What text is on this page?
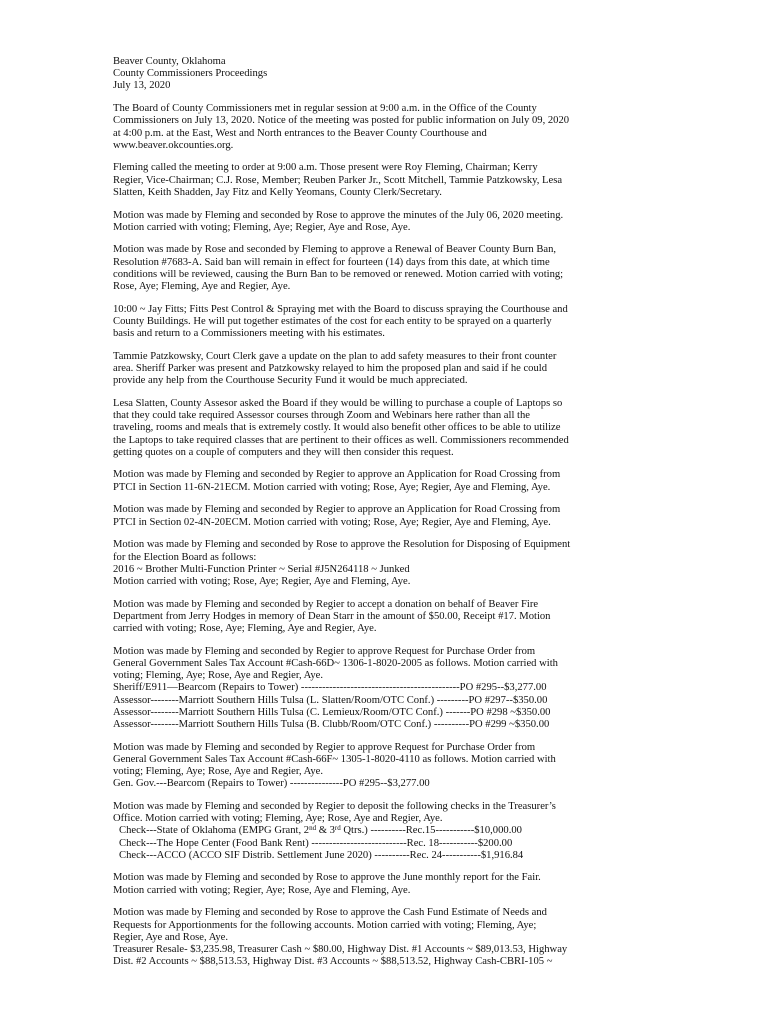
Beaver County, Oklahoma
County Commissioners Proceedings
July 13, 2020
The Board of County Commissioners met in regular session at 9:00 a.m. in the Office of the County
Commissioners on July 13, 2020. Notice of the meeting was posted for public information on July 09, 2020
at 4:00 p.m. at the East, West and North entrances to the Beaver County Courthouse and
www.beaver.okcounties.org.
Fleming called the meeting to order at 9:00 a.m. Those present were Roy Fleming, Chairman; Kerry
Regier, Vice-Chairman; C.J. Rose, Member; Reuben Parker Jr., Scott Mitchell, Tammie Patzkowsky, Lesa
Slatten, Keith Shadden, Jay Fitz and Kelly Yeomans, County Clerk/Secretary.
Motion was made by Fleming and seconded by Rose to approve the minutes of the July 06, 2020 meeting.
Motion carried with voting; Fleming, Aye; Regier, Aye and Rose, Aye.
Motion was made by Rose and seconded by Fleming to approve a Renewal of Beaver County Burn Ban,
Resolution #7683-A. Said ban will remain in effect for fourteen (14) days from this date, at which time
conditions will be reviewed, causing the Burn Ban to be removed or renewed. Motion carried with voting;
Rose, Aye; Fleming, Aye and Regier, Aye.
10:00 ~ Jay Fitts; Fitts Pest Control & Spraying met with the Board to discuss spraying the Courthouse and
County Buildings. He will put together estimates of the cost for each entity to be sprayed on a quarterly
basis and return to a Commissioners meeting with his estimates.
Tammie Patzkowsky, Court Clerk gave a update on the plan to add safety measures to their front counter
area. Sheriff Parker was present and Patzkowsky relayed to him the proposed plan and said if he could
provide any help from the Courthouse Security Fund it would be much appreciated.
Lesa Slatten, County Assesor asked the Board if they would be willing to purchase a couple of Laptops so
that they could take required Assessor courses through Zoom and Webinars here rather than all the
traveling, rooms and meals that is extremely costly. It would also benefit other offices to be able to utilize
the Laptops to take required classes that are pertinent to their offices as well. Commissioners recommended
getting quotes on a couple of computers and they will then consider this request.
Motion was made by Fleming and seconded by Regier to approve an Application for Road Crossing from
PTCI in Section 11-6N-21ECM. Motion carried with voting; Rose, Aye; Regier, Aye and Fleming, Aye.
Motion was made by Fleming and seconded by Regier to approve an Application for Road Crossing from
PTCI in Section 02-4N-20ECM. Motion carried with voting; Rose, Aye; Regier, Aye and Fleming, Aye.
Motion was made by Fleming and seconded by Rose to approve the Resolution for Disposing of Equipment
for the Election Board as follows:
2016 ~ Brother Multi-Function Printer ~ Serial #J5N264118 ~ Junked
Motion carried with voting; Rose, Aye; Regier, Aye and Fleming, Aye.
Motion was made by Fleming and seconded by Regier to accept a donation on behalf of Beaver Fire
Department from Jerry Hodges in memory of Dean Starr in the amount of $50.00, Receipt #17. Motion
carried with voting; Rose, Aye; Fleming, Aye and Regier, Aye.
Motion was made by Fleming and seconded by Regier to approve Request for Purchase Order from
General Government Sales Tax Account #Cash-66D~ 1306-1-8020-2005 as follows. Motion carried with
voting; Fleming, Aye; Rose, Aye and Regier, Aye.
Sheriff/E911—Bearcom (Repairs to Tower) ---------------------------------------------PO #295--$3,277.00
Assessor--------Marriott Southern Hills Tulsa (L. Slatten/Room/OTC Conf.) ---------PO #297--$350.00
Assessor--------Marriott Southern Hills Tulsa (C. Lemieux/Room/OTC Conf.) -------PO #298 ~$350.00
Assessor--------Marriott Southern Hills Tulsa (B. Clubb/Room/OTC Conf.) ----------PO #299 ~$350.00
Motion was made by Fleming and seconded by Regier to approve Request for Purchase Order from
General Government Sales Tax Account #Cash-66F~ 1305-1-8020-4110 as follows. Motion carried with
voting; Fleming, Aye; Rose, Aye and Regier, Aye.
Gen. Gov.---Bearcom (Repairs to Tower) ---------------PO #295--$3,277.00
Motion was made by Fleming and seconded by Regier to deposit the following checks in the Treasurer’s
Office. Motion carried with voting; Fleming, Aye; Rose, Aye and Regier, Aye.
Check---State of Oklahoma (EMPG Grant, 2nd & 3rd Qtrs.) ----------Rec.15-----------$10,000.00
Check---The Hope Center (Food Bank Rent) ---------------------------Rec. 18-----------$200.00
Check---ACCO (ACCO SIF Distrib. Settlement June 2020) ----------Rec. 24-----------$1,916.84
Motion was made by Fleming and seconded by Rose to approve the June monthly report for the Fair.
Motion carried with voting; Regier, Aye; Rose, Aye and Fleming, Aye.
Motion was made by Fleming and seconded by Rose to approve the Cash Fund Estimate of Needs and
Requests for Apportionments for the following accounts. Motion carried with voting; Fleming, Aye;
Regier, Aye and Rose, Aye.
Treasurer Resale- $3,235.98, Treasurer Cash ~ $80.00, Highway Dist. #1 Accounts ~ $89,013.53, Highway
Dist. #2 Accounts ~ $88,513.53, Highway Dist. #3 Accounts ~ $88,513.52, Highway Cash-CBRI-105 ~
